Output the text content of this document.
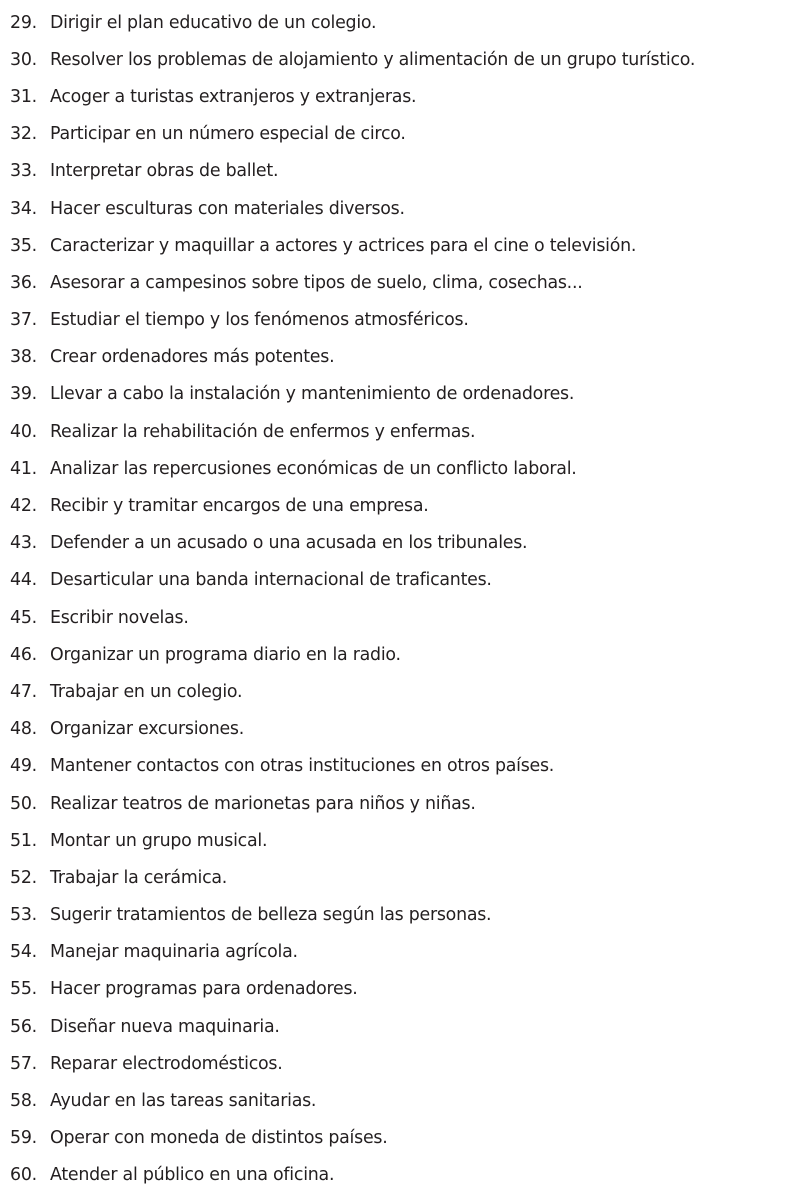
29. Dirigir el plan educativo de un colegio.
30. Resolver los problemas de alojamiento y alimentación de un grupo turístico.
31. Acoger a turistas extranjeros y extranjeras.
32. Participar en un número especial de circo.
33. Interpretar obras de ballet.
34. Hacer esculturas con materiales diversos.
35. Caracterizar y maquillar a actores y actrices para el cine o televisión.
36. Asesorar a campesinos sobre tipos de suelo, clima, cosechas...
37. Estudiar el tiempo y los fenómenos atmosféricos.
38. Crear ordenadores más potentes.
39. Llevar a cabo la instalación y mantenimiento de ordenadores.
40. Realizar la rehabilitación de enfermos y enfermas.
41. Analizar las repercusiones económicas de un conflicto laboral.
42. Recibir y tramitar encargos de una empresa.
43. Defender a un acusado o una acusada en los tribunales.
44. Desarticular una banda internacional de traficantes.
45. Escribir novelas.
46. Organizar un programa diario en la radio.
47. Trabajar en un colegio.
48. Organizar excursiones.
49. Mantener contactos con otras instituciones en otros países.
50. Realizar teatros de marionetas para niños y niñas.
51. Montar un grupo musical.
52. Trabajar la cerámica.
53. Sugerir tratamientos de belleza según las personas.
54. Manejar maquinaria agrícola.
55. Hacer programas para ordenadores.
56. Diseñar nueva maquinaria.
57. Reparar electrodomésticos.
58. Ayudar en las tareas sanitarias.
59. Operar con moneda de distintos países.
60. Atender al público en una oficina.
